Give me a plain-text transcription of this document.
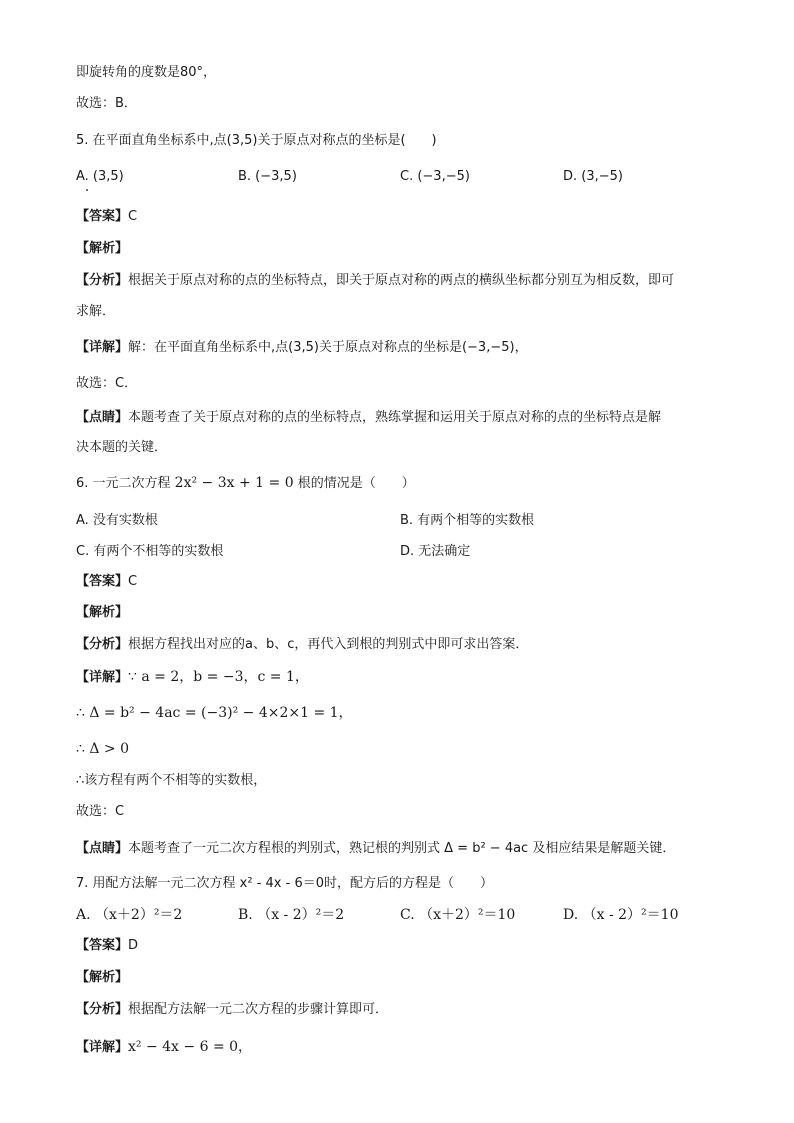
即旋转角的度数是80°，
故选：B．
5. 在平面直角坐标系中,点(3,5)关于原点对称点的坐标是(　　)
A. (3,5)	B. (−3,5)	C. (−3,−5)	D. (3,−5)
【答案】C
【解析】
【分析】根据关于原点对称的点的坐标特点，即关于原点对称的两点的横纵坐标都分别互为相反数，即可
求解．
【详解】解：在平面直角坐标系中,点(3,5)关于原点对称点的坐标是(−3,−5)，
故选：C．
【点睛】本题考查了关于原点对称的点的坐标特点，熟练掌握和运用关于原点对称的点的坐标特点是解
决本题的关键．
6. 一元二次方程 2x² − 3x + 1 = 0 根的情况是（　　）
A. 没有实数根	B. 有两个相等的实数根
C. 有两个不相等的实数根	D. 无法确定
【答案】C
【解析】
【分析】根据方程找出对应的a、b、c，再代入到根的判别式中即可求出答案．
【详解】∵ a = 2，b = −3，c = 1，
∴ Δ = b² − 4ac = (−3)² − 4×2×1 = 1，
∴ Δ > 0
∴该方程有两个不相等的实数根，
故选：C
【点睛】本题考查了一元二次方程根的判别式，熟记根的判别式 Δ = b² − 4ac 及相应结果是解题关键．
7. 用配方法解一元二次方程 x² - 4x - 6＝0时，配方后的方程是（　　）
A. （x＋2）²＝2	B. （x - 2）²＝2	C. （x＋2）²＝10	D. （x - 2）²＝10
【答案】D
【解析】
【分析】根据配方法解一元二次方程的步骤计算即可．
【详解】x² − 4x − 6 = 0，
